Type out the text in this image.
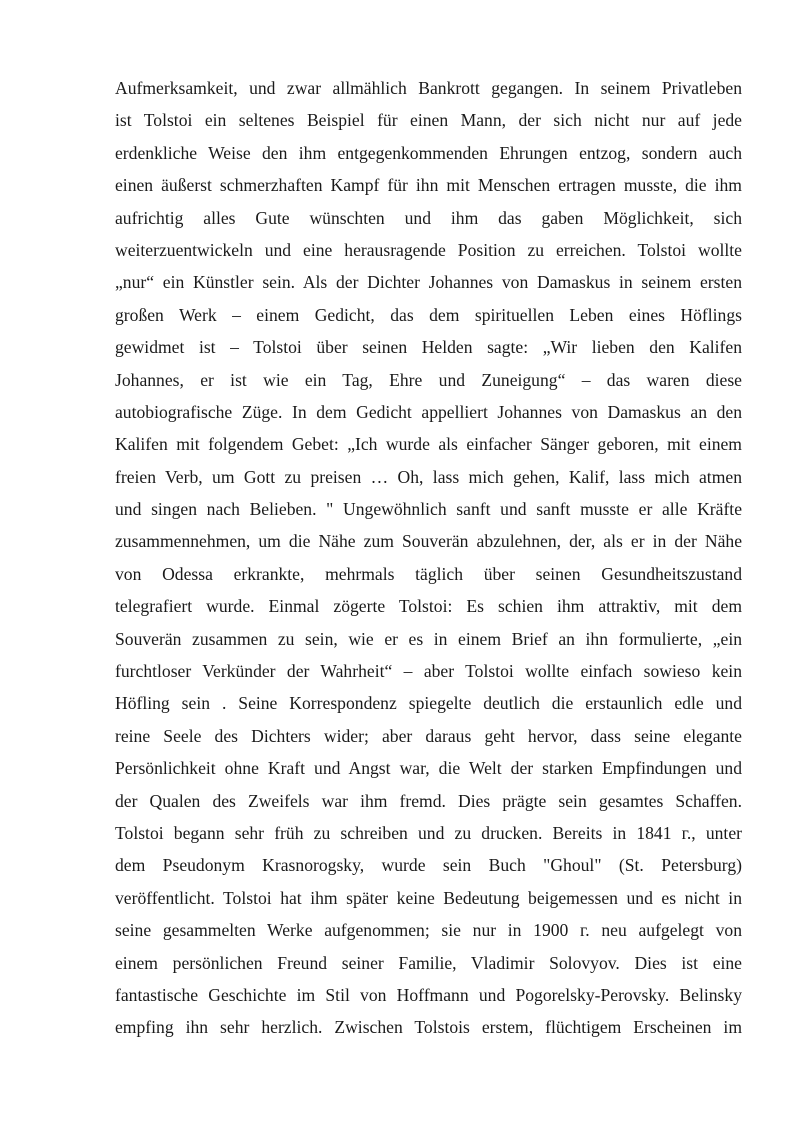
Aufmerksamkeit, und zwar allmählich Bankrott gegangen. In seinem Privatleben
ist Tolstoi ein seltenes Beispiel für einen Mann, der sich nicht nur auf jede
erdenkliche Weise den ihm entgegenkommenden Ehrungen entzog, sondern auch
einen äußerst schmerzhaften Kampf für ihn mit Menschen ertragen musste, die ihm
aufrichtig alles Gute wünschten und ihm das gaben Möglichkeit, sich
weiterzuentwickeln und eine herausragende Position zu erreichen. Tolstoi wollte
„nur“ ein Künstler sein. Als der Dichter Johannes von Damaskus in seinem ersten
großen Werk – einem Gedicht, das dem spirituellen Leben eines Höflings
gewidmet ist – Tolstoi über seinen Helden sagte: „Wir lieben den Kalifen
Johannes, er ist wie ein Tag, Ehre und Zuneigung“ – das waren diese
autobiografische Züge. In dem Gedicht appelliert Johannes von Damaskus an den
Kalifen mit folgendem Gebet: „Ich wurde als einfacher Sänger geboren, mit einem
freien Verb, um Gott zu preisen … Oh, lass mich gehen, Kalif, lass mich atmen
und singen nach Belieben. " Ungewöhnlich sanft und sanft musste er alle Kräfte
zusammennehmen, um die Nähe zum Souverän abzulehnen, der, als er in der Nähe
von Odessa erkrankte, mehrmals täglich über seinen Gesundheitszustand
telegrafiert wurde. Einmal zögerte Tolstoi: Es schien ihm attraktiv, mit dem
Souverän zusammen zu sein, wie er es in einem Brief an ihn formulierte, „ein
furchtloser Verkünder der Wahrheit“ – aber Tolstoi wollte einfach sowieso kein
Höfling sein . Seine Korrespondenz spiegelte deutlich die erstaunlich edle und
reine Seele des Dichters wider; aber daraus geht hervor, dass seine elegante
Persönlichkeit ohne Kraft und Angst war, die Welt der starken Empfindungen und
der Qualen des Zweifels war ihm fremd. Dies prägte sein gesamtes Schaffen.
Tolstoi begann sehr früh zu schreiben und zu drucken. Bereits in 1841 г., unter
dem Pseudonym Krasnorogsky, wurde sein Buch "Ghoul" (St. Petersburg)
veröffentlicht. Tolstoi hat ihm später keine Bedeutung beigemessen und es nicht in
seine gesammelten Werke aufgenommen; sie nur in 1900 г. neu aufgelegt von
einem persönlichen Freund seiner Familie, Vladimir Solovyov. Dies ist eine
fantastische Geschichte im Stil von Hoffmann und Pogorelsky-Perovsky. Belinsky
empfing ihn sehr herzlich. Zwischen Tolstois erstem, flüchtigem Erscheinen im
